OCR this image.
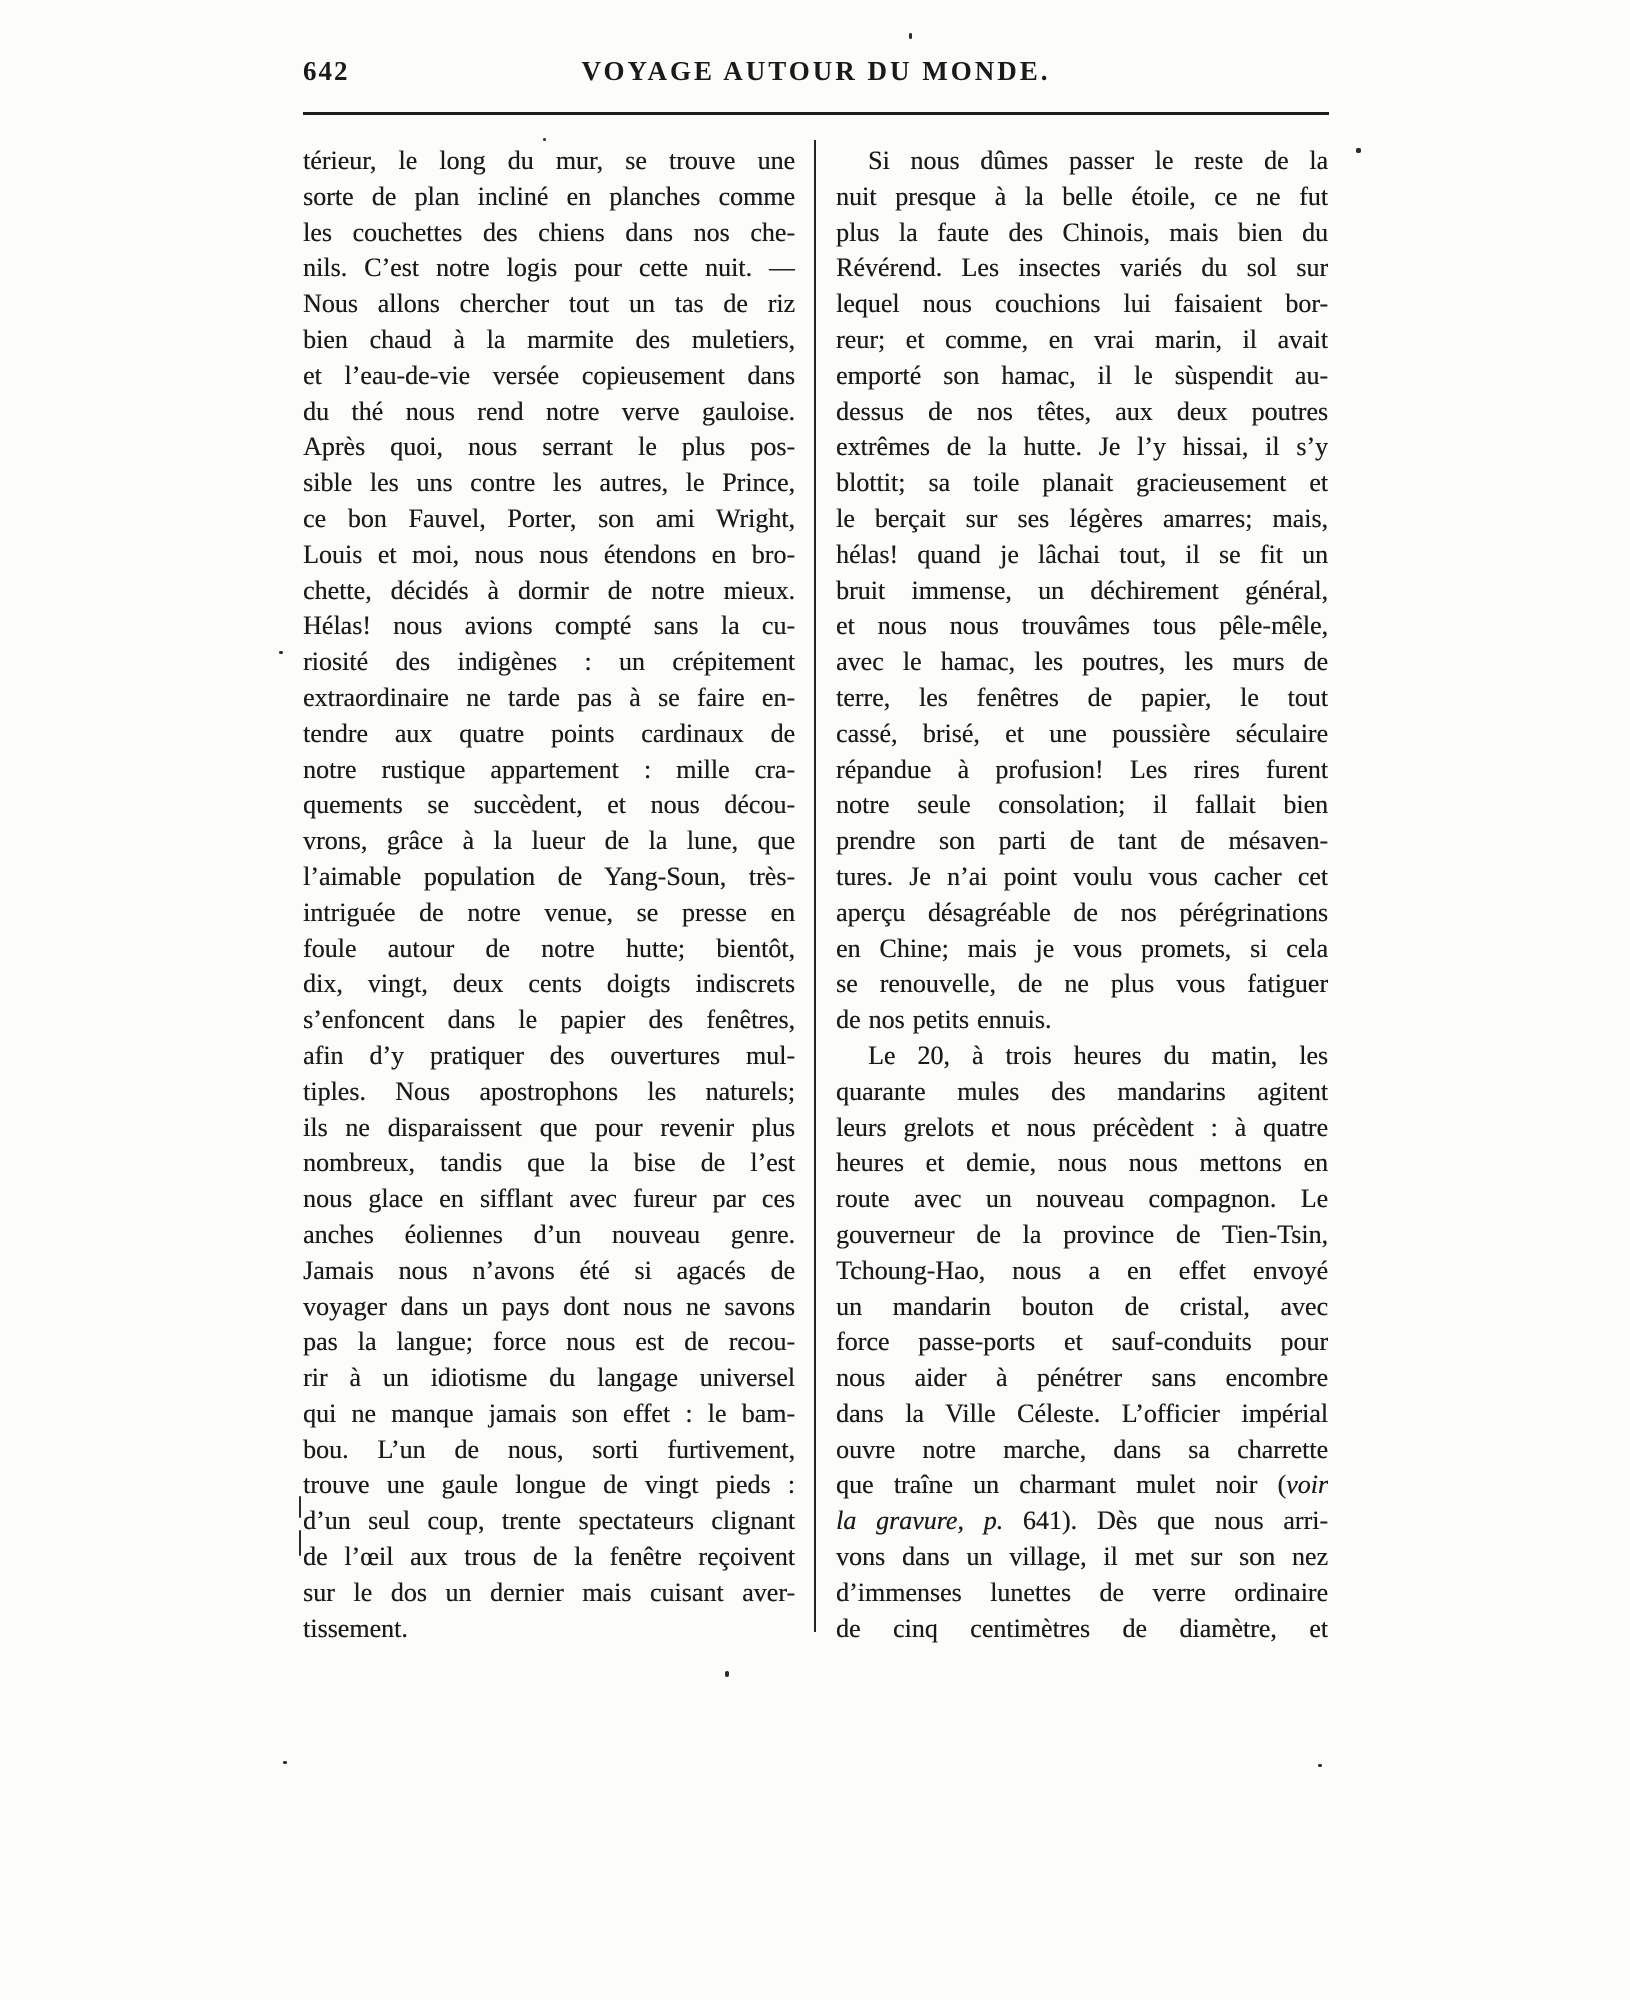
642	VOYAGE AUTOUR DU MONDE.
térieur, le long du mur, se trouve une
sorte de plan incliné en planches comme
les couchettes des chiens dans nos che-
nils. C’est notre logis pour cette nuit. —
Nous allons chercher tout un tas de riz
bien chaud à la marmite des muletiers,
et l’eau-de-vie versée copieusement dans
du thé nous rend notre verve gauloise.
Après quoi, nous serrant le plus pos-
sible les uns contre les autres, le Prince,
ce bon Fauvel, Porter, son ami Wright,
Louis et moi, nous nous étendons en bro-
chette, décidés à dormir de notre mieux.
Hélas! nous avions compté sans la cu-
riosité des indigènes : un crépitement
extraordinaire ne tarde pas à se faire en-
tendre aux quatre points cardinaux de
notre rustique appartement : mille cra-
quements se succèdent, et nous décou-
vrons, grâce à la lueur de la lune, que
l’aimable population de Yang-Soun, très-
intriguée de notre venue, se presse en
foule autour de notre hutte; bientôt,
dix, vingt, deux cents doigts indiscrets
s’enfoncent dans le papier des fenêtres,
afin d’y pratiquer des ouvertures mul-
tiples. Nous apostrophons les naturels;
ils ne disparaissent que pour revenir plus
nombreux, tandis que la bise de l’est
nous glace en sifflant avec fureur par ces
anches éoliennes d’un nouveau genre.
Jamais nous n’avons été si agacés de
voyager dans un pays dont nous ne savons
pas la langue; force nous est de recou-
rir à un idiotisme du langage universel
qui ne manque jamais son effet : le bam-
bou. L’un de nous, sorti furtivement,
trouve une gaule longue de vingt pieds :
d’un seul coup, trente spectateurs clignant
de l’œil aux trous de la fenêtre reçoivent
sur le dos un dernier mais cuisant aver-
tissement.
Si nous dûmes passer le reste de la
nuit presque à la belle étoile, ce ne fut
plus la faute des Chinois, mais bien du
Révérend. Les insectes variés du sol sur
lequel nous couchions lui faisaient bor-
reur; et comme, en vrai marin, il avait
emporté son hamac, il le sùspendit au-
dessus de nos têtes, aux deux poutres
extrêmes de la hutte. Je l’y hissai, il s’y
blottit; sa toile planait gracieusement et
le berçait sur ses légères amarres; mais,
hélas! quand je lâchai tout, il se fit un
bruit immense, un déchirement général,
et nous nous trouvâmes tous pêle-mêle,
avec le hamac, les poutres, les murs de
terre, les fenêtres de papier, le tout
cassé, brisé, et une poussière séculaire
répandue à profusion! Les rires furent
notre seule consolation; il fallait bien
prendre son parti de tant de mésaven-
tures. Je n’ai point voulu vous cacher cet
aperçu désagréable de nos pérégrinations
en Chine; mais je vous promets, si cela
se renouvelle, de ne plus vous fatiguer
de nos petits ennuis.
Le 20, à trois heures du matin, les
quarante mules des mandarins agitent
leurs grelots et nous précèdent : à quatre
heures et demie, nous nous mettons en
route avec un nouveau compagnon. Le
gouverneur de la province de Tien-Tsin,
Tchoung-Hao, nous a en effet envoyé
un mandarin bouton de cristal, avec
force passe-ports et sauf-conduits pour
nous aider à pénétrer sans encombre
dans la Ville Céleste. L’officier impérial
ouvre notre marche, dans sa charrette
que traîne un charmant mulet noir (voir
la gravure, p. 641). Dès que nous arri-
vons dans un village, il met sur son nez
d’immenses lunettes de verre ordinaire
de cinq centimètres de diamètre, et
